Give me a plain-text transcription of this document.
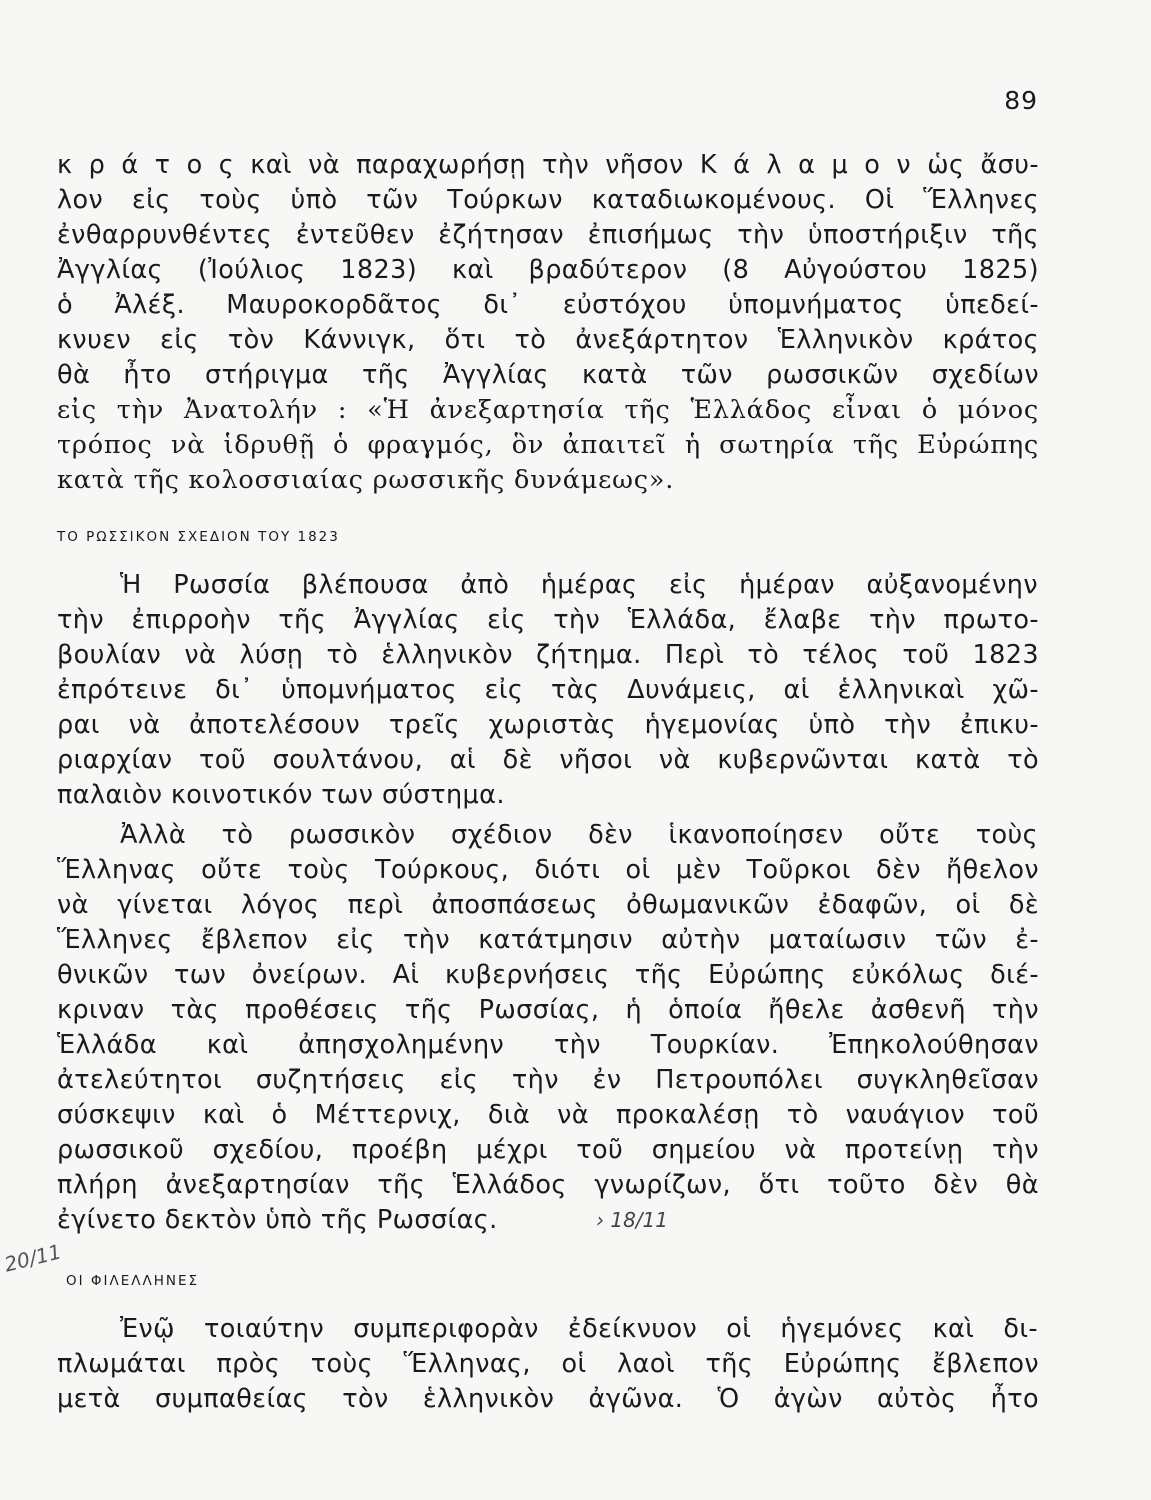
89
κ ρ ά τ ο ς καὶ νὰ παραχωρήσῃ τὴν νῆσον Κ ά λ α μ ο ν ὡς ἄσυ-
λον εἰς τοὺς ὑπὸ τῶν Τούρκων καταδιωκομένους. Οἱ Ἕλληνες
ἐνθαρρυνθέντες ἐντεῦθεν ἐζήτησαν ἐπισήμως τὴν ὑποστήριξιν τῆς
Ἀγγλίας (Ἰούλιος 1823) καὶ βραδύτερον (8 Αὐγούστου 1825)
ὁ Ἀλέξ. Μαυροκορδᾶτος δι᾿ εὐστόχου ὑπομνήματος ὑπεδεί-
κνυεν εἰς τὸν Κάννιγκ, ὅτι τὸ ἀνεξάρτητον Ἑλληνικὸν κράτος
θὰ ἦτο στήριγμα τῆς Ἀγγλίας κατὰ τῶν ρωσσικῶν σχεδίων
εἰς τὴν Ἀνατολήν : «Ἡ ἀνεξαρτησία τῆς Ἑλλάδος εἶναι ὁ μόνος
τρόπος νὰ ἱδρυθῇ ὁ φραγμός, ὃν ἀπαιτεῖ ἡ σωτηρία τῆς Εὐρώπης
κατὰ τῆς κολοσσιαίας ρωσσικῆς δυνάμεως».
ΤΟ ΡΩΣΣΙΚΟΝ ΣΧΕΔΙΟΝ ΤΟΥ 1823
Ἡ Ρωσσία βλέπουσα ἀπὸ ἡμέρας εἰς ἡμέραν αὐξανομένην
τὴν ἐπιρροὴν τῆς Ἀγγλίας εἰς τὴν Ἑλλάδα, ἔλαβε τὴν πρωτο-
βουλίαν νὰ λύσῃ τὸ ἑλληνικὸν ζήτημα. Περὶ τὸ τέλος τοῦ 1823
ἐπρότεινε δι᾿ ὑπομνήματος εἰς τὰς Δυνάμεις, αἱ ἑλληνικαὶ χῶ-
ραι νὰ ἀποτελέσουν τρεῖς χωριστὰς ἡγεμονίας ὑπὸ τὴν ἐπικυ-
ριαρχίαν τοῦ σουλτάνου, αἱ δὲ νῆσοι νὰ κυβερνῶνται κατὰ τὸ
παλαιὸν κοινοτικόν των σύστημα.
Ἀλλὰ τὸ ρωσσικὸν σχέδιον δὲν ἱκανοποίησεν οὔτε τοὺς
Ἕλληνας οὔτε τοὺς Τούρκους, διότι οἱ μὲν Τοῦρκοι δὲν ἤθελον
νὰ γίνεται λόγος περὶ ἀποσπάσεως ὀθωμανικῶν ἐδαφῶν, οἱ δὲ
Ἕλληνες ἔβλεπον εἰς τὴν κατάτμησιν αὐτὴν ματαίωσιν τῶν ἐ-
θνικῶν των ὀνείρων. Αἱ κυβερνήσεις τῆς Εὐρώπης εὐκόλως διέ-
κριναν τὰς προθέσεις τῆς Ρωσσίας, ἡ ὁποία ἤθελε ἀσθενῆ τὴν
Ἑλλάδα καὶ ἀπησχολημένην τὴν Τουρκίαν. Ἐπηκολούθησαν
ἀτελεύτητοι συζητήσεις εἰς τὴν ἐν Πετρουπόλει συγκληθεῖσαν
σύσκεψιν καὶ ὁ Μέττερνιχ, διὰ νὰ προκαλέσῃ τὸ ναυάγιον τοῦ
ρωσσικοῦ σχεδίου, προέβη μέχρι τοῦ σημείου νὰ προτείνῃ τὴν
πλήρη ἀνεξαρτησίαν τῆς Ἑλλάδος γνωρίζων, ὅτι τοῦτο δὲν θὰ
ἐγίνετο δεκτὸν ὑπὸ τῆς Ρωσσίας.	› 18/11
20/11
ΟΙ ΦΙΛΕΛΛΗΝΕΣ
Ἐνῷ τοιαύτην συμπεριφορὰν ἐδείκνυον οἱ ἡγεμόνες καὶ δι-
πλωμάται πρὸς τοὺς Ἕλληνας, οἱ λαοὶ τῆς Εὐρώπης ἔβλεπον
μετὰ συμπαθείας τὸν ἑλληνικὸν ἀγῶνα. Ὁ ἀγὼν αὐτὸς ἦτο
